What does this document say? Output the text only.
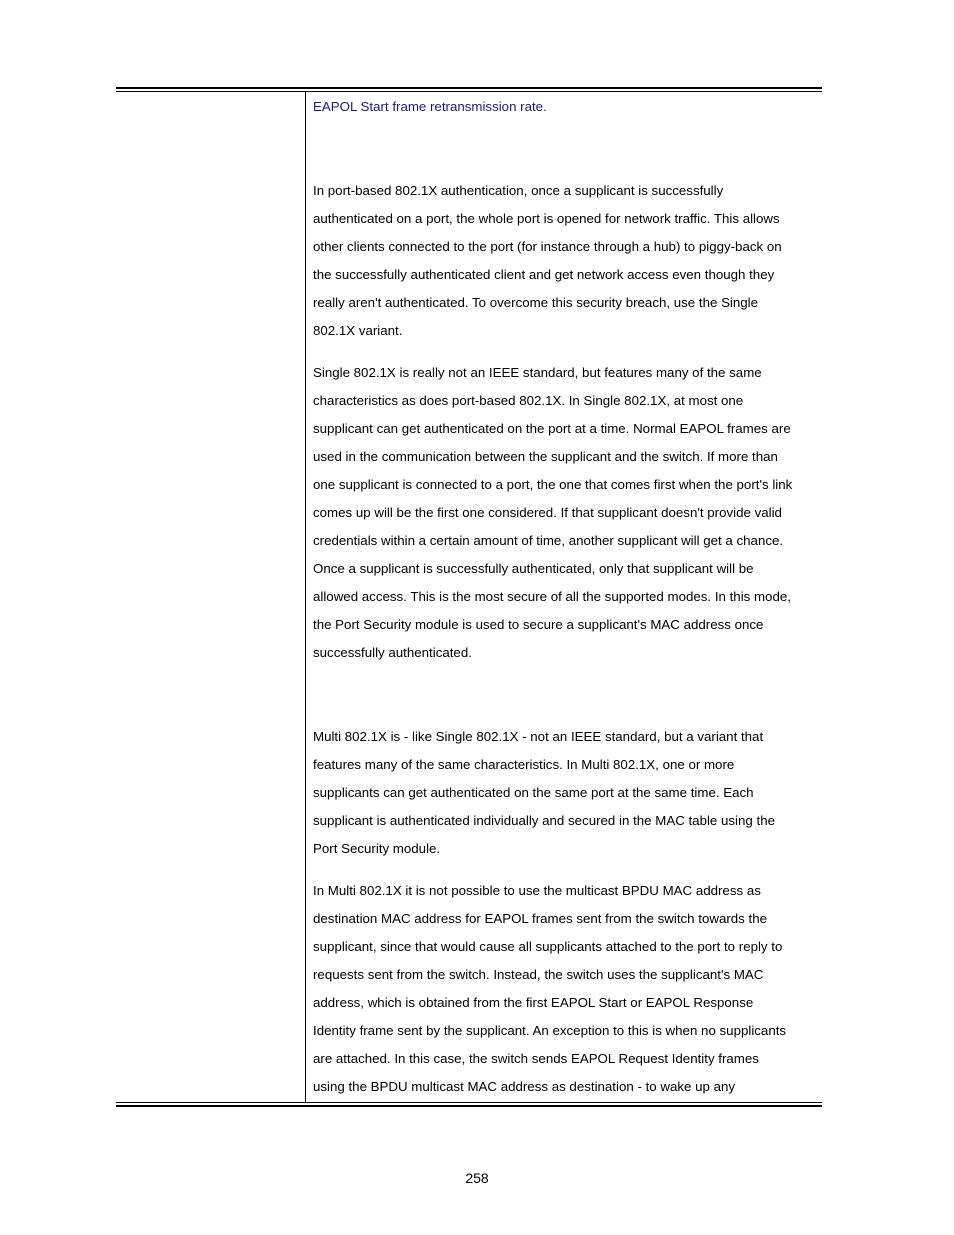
EAPOL Start frame retransmission rate.

In port-based 802.1X authentication, once a supplicant is successfully
authenticated on a port, the whole port is opened for network traffic. This allows
other clients connected to the port (for instance through a hub) to piggy-back on
the successfully authenticated client and get network access even though they
really aren't authenticated. To overcome this security breach, use the Single
802.1X variant.

Single 802.1X is really not an IEEE standard, but features many of the same
characteristics as does port-based 802.1X. In Single 802.1X, at most one
supplicant can get authenticated on the port at a time. Normal EAPOL frames are
used in the communication between the supplicant and the switch. If more than
one supplicant is connected to a port, the one that comes first when the port's link
comes up will be the first one considered. If that supplicant doesn't provide valid
credentials within a certain amount of time, another supplicant will get a chance.
Once a supplicant is successfully authenticated, only that supplicant will be
allowed access. This is the most secure of all the supported modes. In this mode,
the Port Security module is used to secure a supplicant's MAC address once
successfully authenticated.

Multi 802.1X is - like Single 802.1X - not an IEEE standard, but a variant that
features many of the same characteristics. In Multi 802.1X, one or more
supplicants can get authenticated on the same port at the same time. Each
supplicant is authenticated individually and secured in the MAC table using the
Port Security module.

In Multi 802.1X it is not possible to use the multicast BPDU MAC address as
destination MAC address for EAPOL frames sent from the switch towards the
supplicant, since that would cause all supplicants attached to the port to reply to
requests sent from the switch. Instead, the switch uses the supplicant's MAC
address, which is obtained from the first EAPOL Start or EAPOL Response
Identity frame sent by the supplicant. An exception to this is when no supplicants
are attached. In this case, the switch sends EAPOL Request Identity frames
using the BPDU multicast MAC address as destination - to wake up any

258
